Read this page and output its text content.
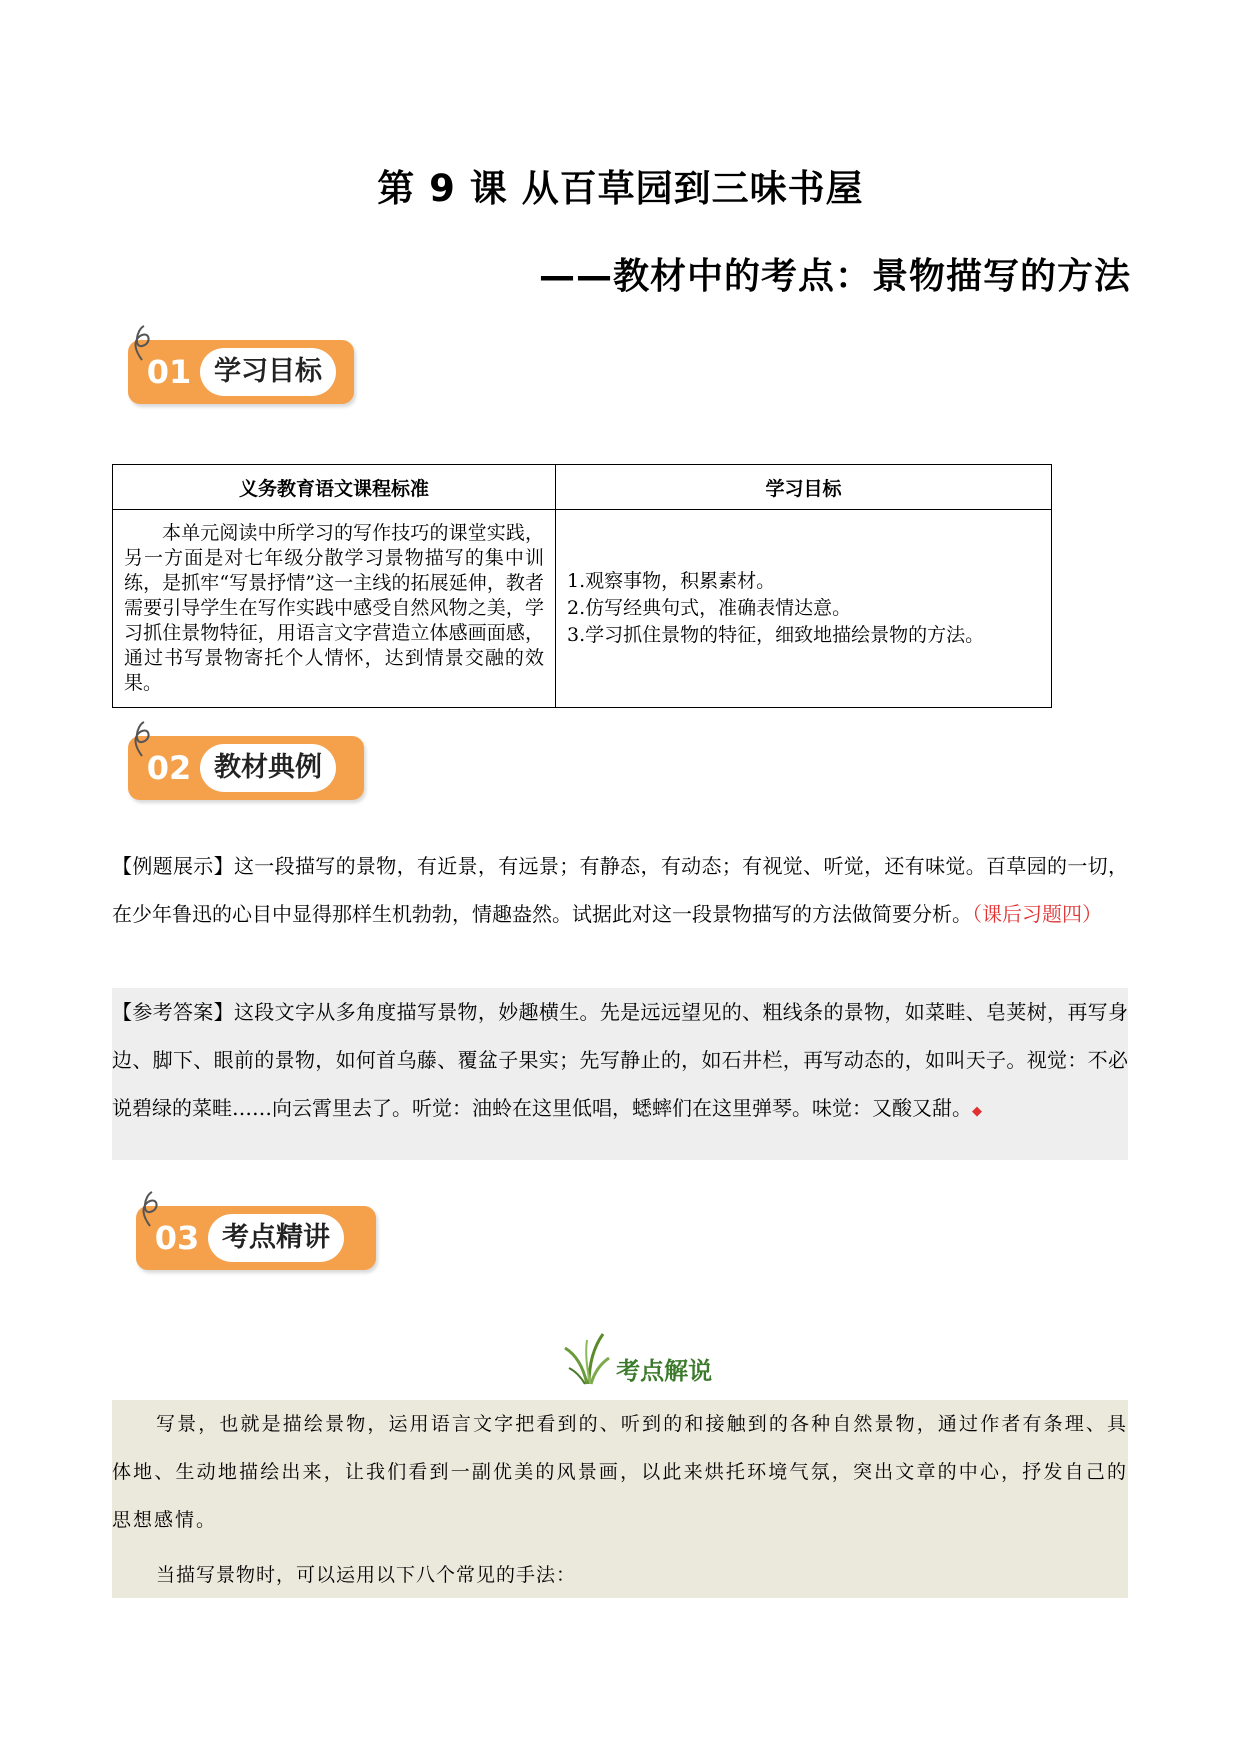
第 9 课 从百草园到三味书屋
——教材中的考点：景物描写的方法
01 学习目标
义务教育语文课程标准	学习目标
本单元阅读中所学习的写作技巧的课堂实践，另一方面是对七年级分散学习景物描写的集中训练，是抓牢“写景抒情”这一主线的拓展延伸，教者需要引导学生在写作实践中感受自然风物之美，学习抓住景物特征，用语言文字营造立体感画面感，通过书写景物寄托个人情怀，达到情景交融的效果。	1.观察事物，积累素材。

2.仿写经典句式，准确表情达意。

3.学习抓住景物的特征，细致地描绘景物的方法。

02 教材典例
【例题展示】这一段描写的景物，有近景，有远景；有静态，有动态；有视觉、听觉，还有味觉。百草园的一切，在少年鲁迅的心目中显得那样生机勃勃，情趣盎然。试据此对这一段景物描写的方法做简要分析。（课后习题四）
【参考答案】这段文字从多角度描写景物，妙趣横生。先是远远望见的、粗线条的景物，如菜畦、皂荚树，再写身边、脚下、眼前的景物，如何首乌藤、覆盆子果实；先写静止的，如石井栏，再写动态的，如叫天子。视觉：不必说碧绿的菜畦……向云霄里去了。听觉：油蛉在这里低唱，蟋蟀们在这里弹琴。味觉：又酸又甜。◆
03 考点精讲
考点解说
写景，也就是描绘景物，运用语言文字把看到的、听到的和接触到的各种自然景物，通过作者有条理、具体地、生动地描绘出来，让我们看到一副优美的风景画，以此来烘托环境气氛，突出文章的中心，抒发自己的思想感情。
当描写景物时，可以运用以下八个常见的手法：
